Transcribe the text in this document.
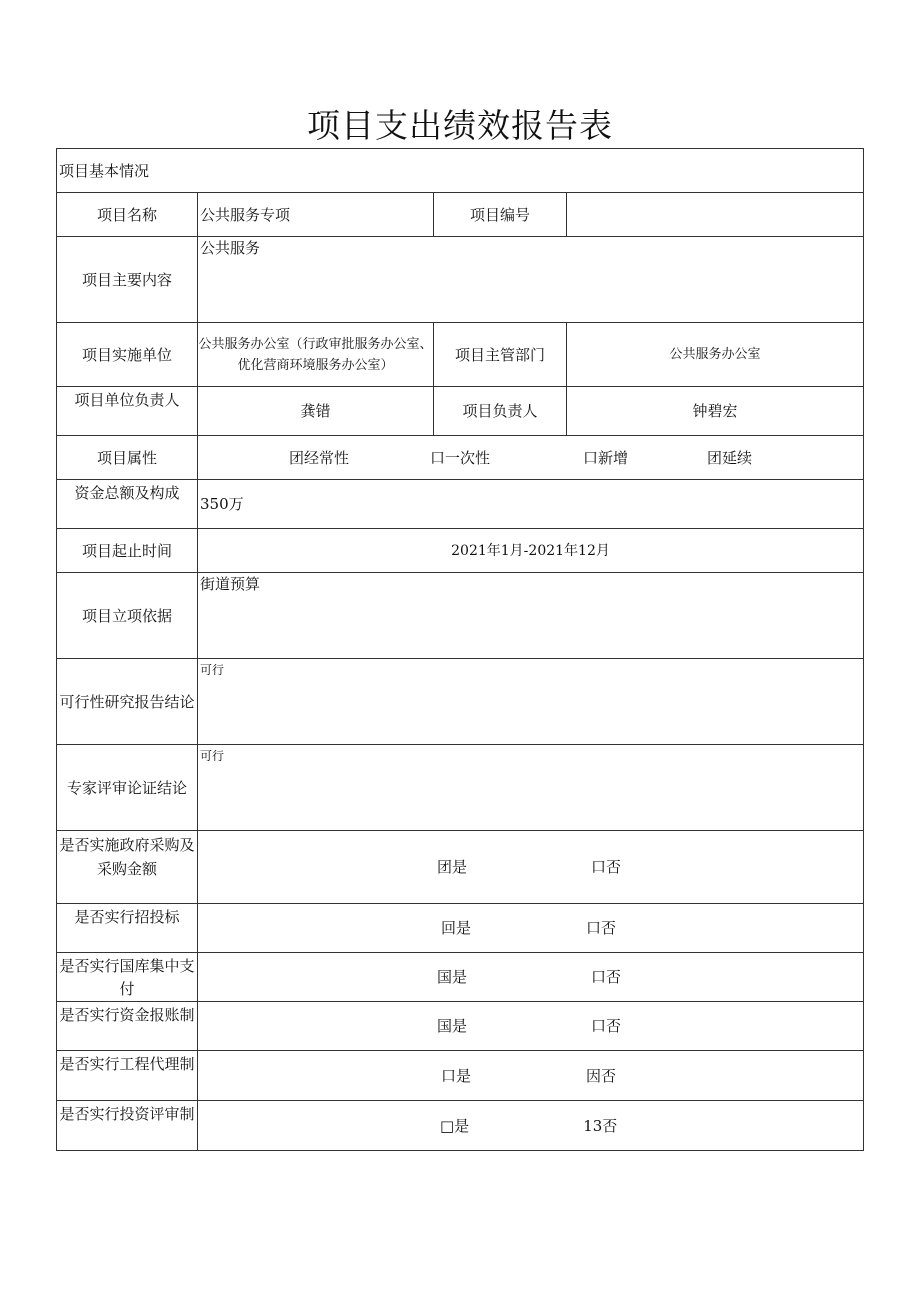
项目支出绩效报告表
项目基本情况			
项目名称	公共服务专项	项目编号	
项目主要内容	公共服务		
项目实施单位	公共服务办公室（行政审批服务办公室、优化营商环境服务办公室）	项目主管部门	公共服务办公室
项目单位负责人	龚错	项目负责人	钟碧宏
项目属性	团经常性 口一次性 口新增 团延续		

资金总额及构成	350万		
项目起止时间	2021年1月-2021年12月		
项目立项依据	街道预算		
可行性研究报告结论	可行		
专家评审论证结论	可行		
是否实施政府采购及采购金额	团是 口否		

是否实行招投标	回是 口否		

是否实行国库集中支付	国是 口否		

是否实行资金报账制	国是 口否		

是否实行工程代理制	口是 因否		

是否实行投资评审制	□是 13否		
